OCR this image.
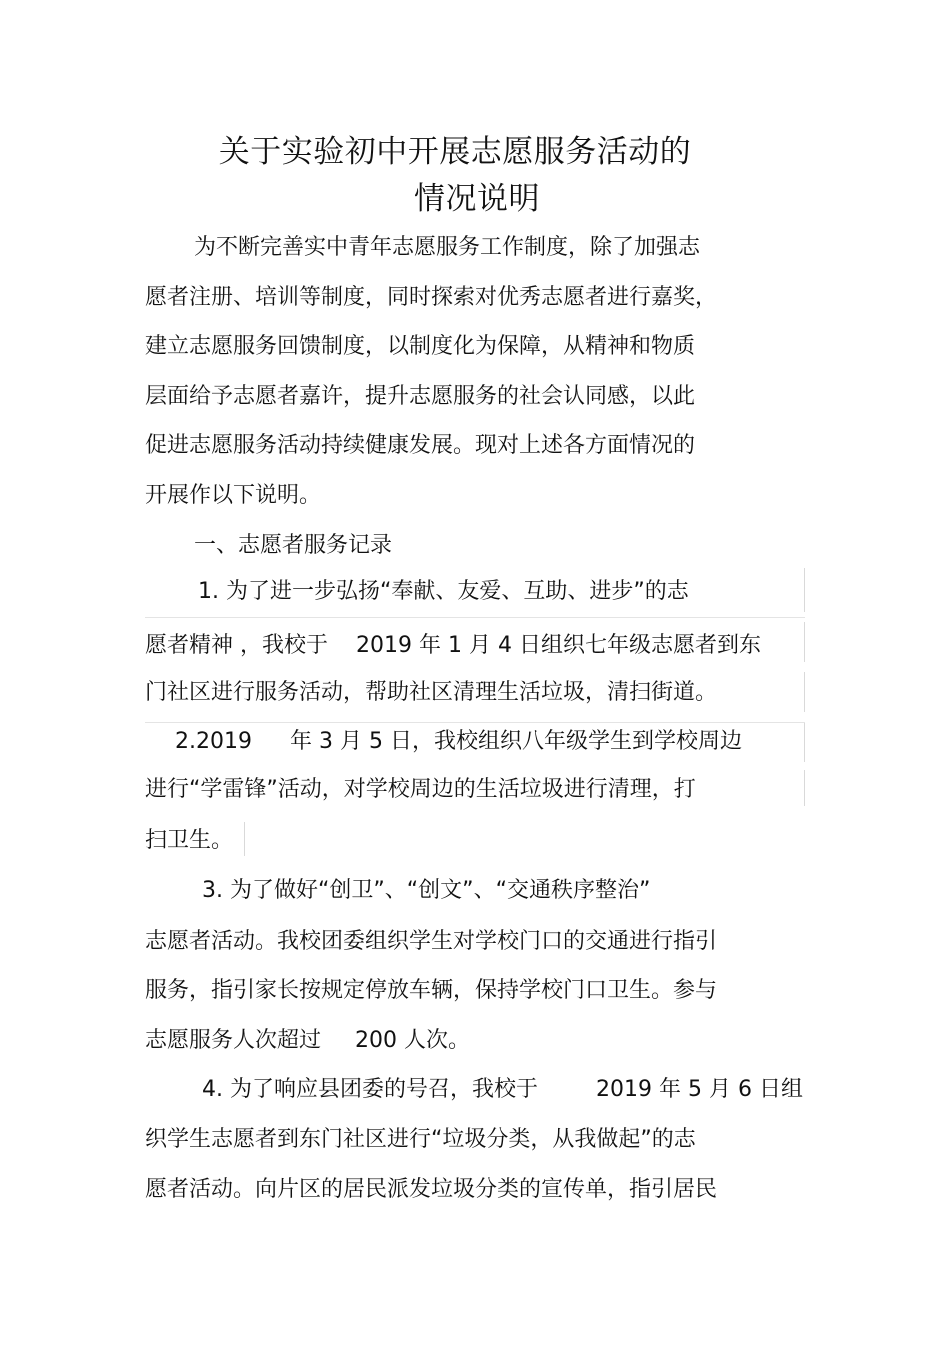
关于实验初中开展志愿服务活动的
情况说明

为不断完善实中青年志愿服务工作制度，除了加强志

愿者注册、培训等制度，同时探索对优秀志愿者进行嘉奖，

建立志愿服务回馈制度，以制度化为保障，从精神和物质

层面给予志愿者嘉许，提升志愿服务的社会认同感，以此

促进志愿服务活动持续健康发展。现对上述各方面情况的

开展作以下说明。

一、志愿者服务记录

1. 为了进一步弘扬“奉献、友爱、互助、进步”的志

愿者精神 ，我校于 2019 年 1 月 4 日组织七年级志愿者到东

门社区进行服务活动，帮助社区清理生活垃圾，清扫街道。

2.2019 年 3 月 5 日，我校组织八年级学生到学校周边

进行“学雷锋”活动，对学校周边的生活垃圾进行清理，打

扫卫生。

3. 为了做好“创卫”、“创文”、“交通秩序整治”

志愿者活动。我校团委组织学生对学校门口的交通进行指引

服务，指引家长按规定停放车辆，保持学校门口卫生。参与

志愿服务人次超过 200 人次。

4. 为了响应县团委的号召，我校于	2019 年 5 月 6 日组

织学生志愿者到东门社区进行“垃圾分类，从我做起”的志

愿者活动。向片区的居民派发垃圾分类的宣传单，指引居民
